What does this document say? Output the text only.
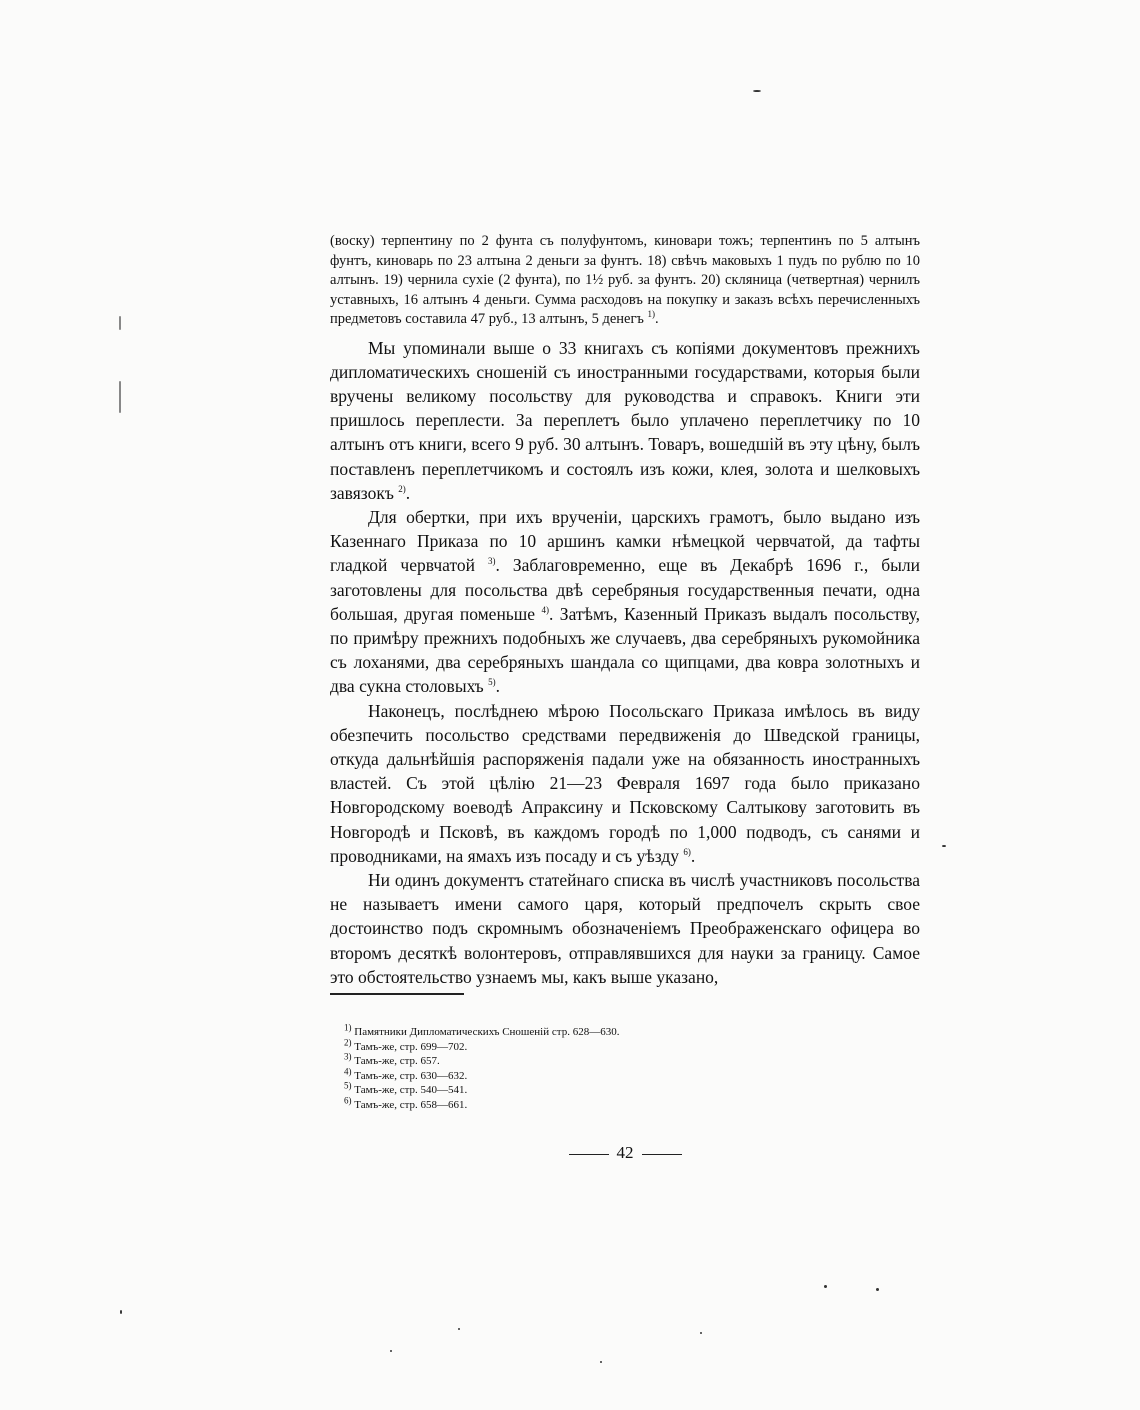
(воску) терпентину по 2 фунта съ полуфунтомъ, киновари тожъ; терпентинъ по 5 алтынъ фунтъ, киноварь по 23 алтына 2 деньги за фунтъ. 18) свѣчъ маковыхъ 1 пудъ по рублю по 10 алтынъ. 19) чернила сухіе (2 фунта), по 1½ руб. за фунтъ. 20) скляница (четвертная) чернилъ уставныхъ, 16 алтынъ 4 деньги. Сумма расходовъ на покупку и заказъ всѣхъ перечисленныхъ предметовъ составила 47 руб., 13 алтынъ, 5 денегъ $^{1)}$.

Мы упоминали выше о 33 книгахъ съ копіями документовъ прежнихъ дипломатическихъ сношеній съ иностранными государствами, которыя были вручены великому посольству для руководства и справокъ. Книги эти пришлось переплести. За переплетъ было уплачено переплетчику по 10 алтынъ отъ книги, всего 9 руб. 30 алтынъ. Товаръ, вошедшій въ эту цѣну, былъ поставленъ переплетчикомъ и состоялъ изъ кожи, клея, золота и шелковыхъ завязокъ $^{2)}$.

Для обертки, при ихъ врученіи, царскихъ грамотъ, было выдано изъ Казеннаго Приказа по 10 аршинъ камки нѣмецкой червчатой, да тафты гладкой червчатой $^{3)}$. Заблаговременно, еще въ Декабрѣ 1696 г., были заготовлены для посольства двѣ серебряныя государственныя печати, одна большая, другая поменьше $^{4)}$. Затѣмъ, Казенный Приказъ выдалъ посольству, по примѣру прежнихъ подобныхъ же случаевъ, два серебряныхъ рукомойника съ лоханями, два серебряныхъ шандала со щипцами, два ковра золотныхъ и два сукна столовыхъ $^{5)}$.

Наконецъ, послѣднею мѣрою Посольскаго Приказа имѣлось въ виду обезпечить посольство средствами передвиженія до Шведской границы, откуда дальнѣйшія распоряженія падали уже на обязанность иностранныхъ властей. Съ этой цѣлію 21—23 Февраля 1697 года было приказано Новгородскому воеводѣ Апраксину и Псковскому Салтыкову заготовить въ Новгородѣ и Псковѣ, въ каждомъ городѣ по 1,000 подводъ, съ санями и проводниками, на ямахъ изъ посаду и съ уѣзду $^{6)}$.

Ни одинъ документъ статейнаго списка въ числѣ участниковъ посольства не называетъ имени самого царя, который предпочелъ скрыть свое достоинство подъ скромнымъ обозначеніемъ Преображенскаго офицера во второмъ десяткѣ волонтеровъ, отправлявшихся для науки за границу. Самое это обстоятельство узнаемъ мы, какъ выше указано,

$^{1)}$ Памятники Дипломатическихъ Сношеній стр. 628—630.
$^{2)}$ Тамъ-же, стр. 699—702.
$^{3)}$ Тамъ-же, стр. 657.
$^{4)}$ Тамъ-же, стр. 630—632.
$^{5)}$ Тамъ-же, стр. 540—541.
$^{6)}$ Тамъ-же, стр. 658—661.
42
